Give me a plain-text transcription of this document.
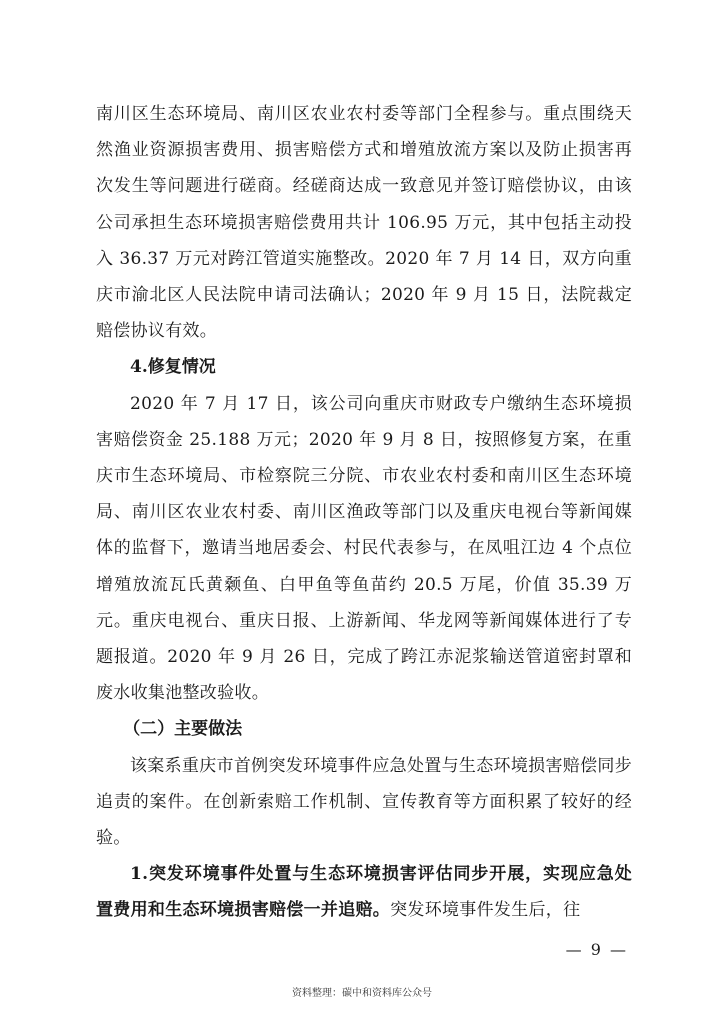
南川区生态环境局、南川区农业农村委等部门全程参与。重点围绕天然渔业资源损害费用、损害赔偿方式和增殖放流方案以及防止损害再次发生等问题进行磋商。经磋商达成一致意见并签订赔偿协议，由该公司承担生态环境损害赔偿费用共计 106.95 万元，其中包括主动投入 36.37 万元对跨江管道实施整改。2020 年 7 月 14 日，双方向重庆市渝北区人民法院申请司法确认；2020 年 9 月 15 日，法院裁定赔偿协议有效。

4.修复情况

2020 年 7 月 17 日，该公司向重庆市财政专户缴纳生态环境损害赔偿资金 25.188 万元；2020 年 9 月 8 日，按照修复方案，在重庆市生态环境局、市检察院三分院、市农业农村委和南川区生态环境局、南川区农业农村委、南川区渔政等部门以及重庆电视台等新闻媒体的监督下，邀请当地居委会、村民代表参与，在凤咀江边 4 个点位增殖放流瓦氏黄颡鱼、白甲鱼等鱼苗约 20.5 万尾，价值 35.39 万元。重庆电视台、重庆日报、上游新闻、华龙网等新闻媒体进行了专题报道。2020 年 9 月 26 日，完成了跨江赤泥浆输送管道密封罩和废水收集池整改验收。

（二）主要做法

该案系重庆市首例突发环境事件应急处置与生态环境损害赔偿同步追责的案件。在创新索赔工作机制、宣传教育等方面积累了较好的经验。

1.突发环境事件处置与生态环境损害评估同步开展，实现应急处置费用和生态环境损害赔偿一并追赔。突发环境事件发生后，往

— 9 —
资料整理：碳中和资料库公众号
